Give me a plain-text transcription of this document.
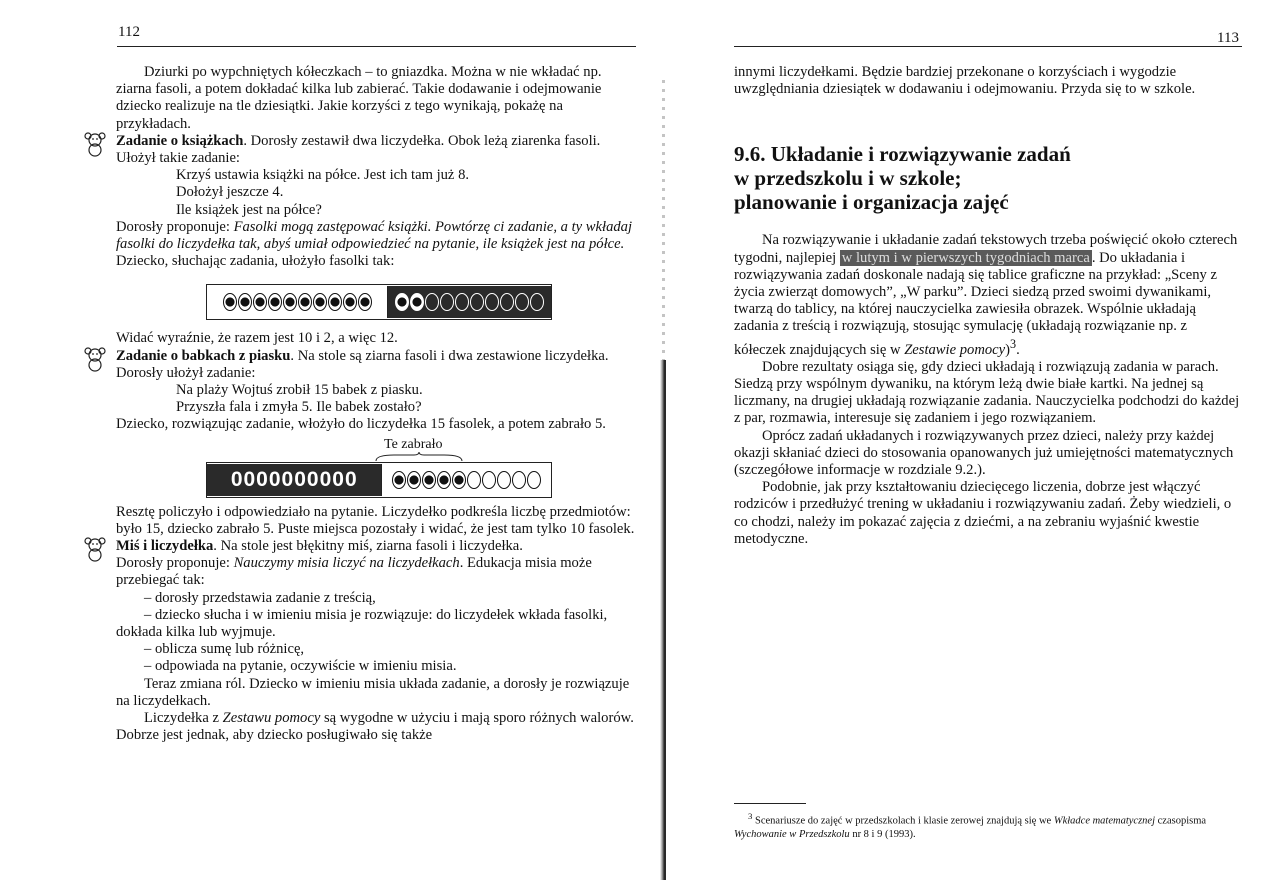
112

Dziurki po wypchniętych kółeczkach – to gniazdka. Można w nie wkładać np. ziarna fasoli, a potem dokładać kilka lub zabierać. Takie dodawanie i odejmowanie dziecko realizuje na tle dziesiątki. Jakie korzyści z tego wynikają, pokażę na przykładach.

Zadanie o książkach. Dorosły zestawił dwa liczydełka. Obok leżą ziarenka fasoli. Ułożył takie zadanie:

Krzyś ustawia książki na półce. Jest ich tam już 8.

Dołożył jeszcze 4.

Ile książek jest na półce?

Dorosły proponuje: Fasolki mogą zastępować książki. Powtórzę ci zadanie, a ty wkładaj fasolki do liczydełka tak, abyś umiał odpowiedzieć na pytanie, ile książek jest na półce. Dziecko, słuchając zadania, ułożyło fasolki tak:

Widać wyraźnie, że razem jest 10 i 2, a więc 12.

Zadanie o babkach z piasku. Na stole są ziarna fasoli i dwa zestawione liczydełka. Dorosły ułożył zadanie:

Na plaży Wojtuś zrobił 15 babek z piasku.

Przyszła fala i zmyła 5. Ile babek zostało?

Dziecko, rozwiązując zadanie, włożyło do liczydełka 15 fasolek, a potem zabrało 5.

Te zabrało
0000000000

Resztę policzyło i odpowiedziało na pytanie. Liczydełko podkreśla liczbę przedmiotów: było 15, dziecko zabrało 5. Puste miejsca pozostały i widać, że jest tam tylko 10 fasolek.

Miś i liczydełka. Na stole jest błękitny miś, ziarna fasoli i liczydełka.

Dorosły proponuje: Nauczymy misia liczyć na liczydełkach. Edukacja misia może przebiegać tak:

– dorosły przedstawia zadanie z treścią,

– dziecko słucha i w imieniu misia je rozwiązuje: do liczydełek wkłada fasolki, dokłada kilka lub wyjmuje.

– oblicza sumę lub różnicę,

– odpowiada na pytanie, oczywiście w imieniu misia.

Teraz zmiana ról. Dziecko w imieniu misia układa zadanie, a dorosły je rozwiązuje na liczydełkach.

Liczydełka z Zestawu pomocy są wygodne w użyciu i mają sporo różnych walorów. Dobrze jest jednak, aby dziecko posługiwało się także

113

innymi liczydełkami. Będzie bardziej przekonane o korzyściach i wygodzie uwzględniania dziesiątek w dodawaniu i odejmowaniu. Przyda się to w szkole.

9.6. Układanie i rozwiązywanie zadań
w przedszkolu i w szkole;
planowanie i organizacja zajęć

Na rozwiązywanie i układanie zadań tekstowych trzeba poświęcić około czterech tygodni, najlepiej w lutym i w pierwszych tygodniach marca . Do układania i rozwiązywania zadań doskonale nadają się tablice graficzne na przykład: „Sceny z życia zwierząt domowych”, „W parku”. Dzieci siedzą przed swoimi dywanikami, twarzą do tablicy, na której nauczycielka zawiesiła obrazek. Wspólnie układają zadania z treścią i rozwiązują, stosując symulację (układają rozwiązanie np. z kółeczek znajdujących się w Zestawie pomocy)$^3$.

Dobre rezultaty osiąga się, gdy dzieci układają i rozwiązują zadania w parach. Siedzą przy wspólnym dywaniku, na którym leżą dwie białe kartki. Na jednej są liczmany, na drugiej układają rozwiązanie zadania. Nauczycielka podchodzi do każdej z par, rozmawia, interesuje się zadaniem i jego rozwiązaniem.

Oprócz zadań układanych i rozwiązywanych przez dzieci, należy przy każdej okazji skłaniać dzieci do stosowania opanowanych już umiejętności matematycznych (szczegółowe informacje w rozdziale 9.2.).

Podobnie, jak przy kształtowaniu dziecięcego liczenia, dobrze jest włączyć rodziców i przedłużyć trening w układaniu i rozwiązywaniu zadań. Żeby wiedzieli, o co chodzi, należy im pokazać zajęcia z dziećmi, a na zebraniu wyjaśnić kwestie metodyczne.

$^3$ Scenariusze do zajęć w przedszkolach i klasie zerowej znajdują się we Wkładce matematycznej czasopisma Wychowanie w Przedszkolu nr 8 i 9 (1993).
